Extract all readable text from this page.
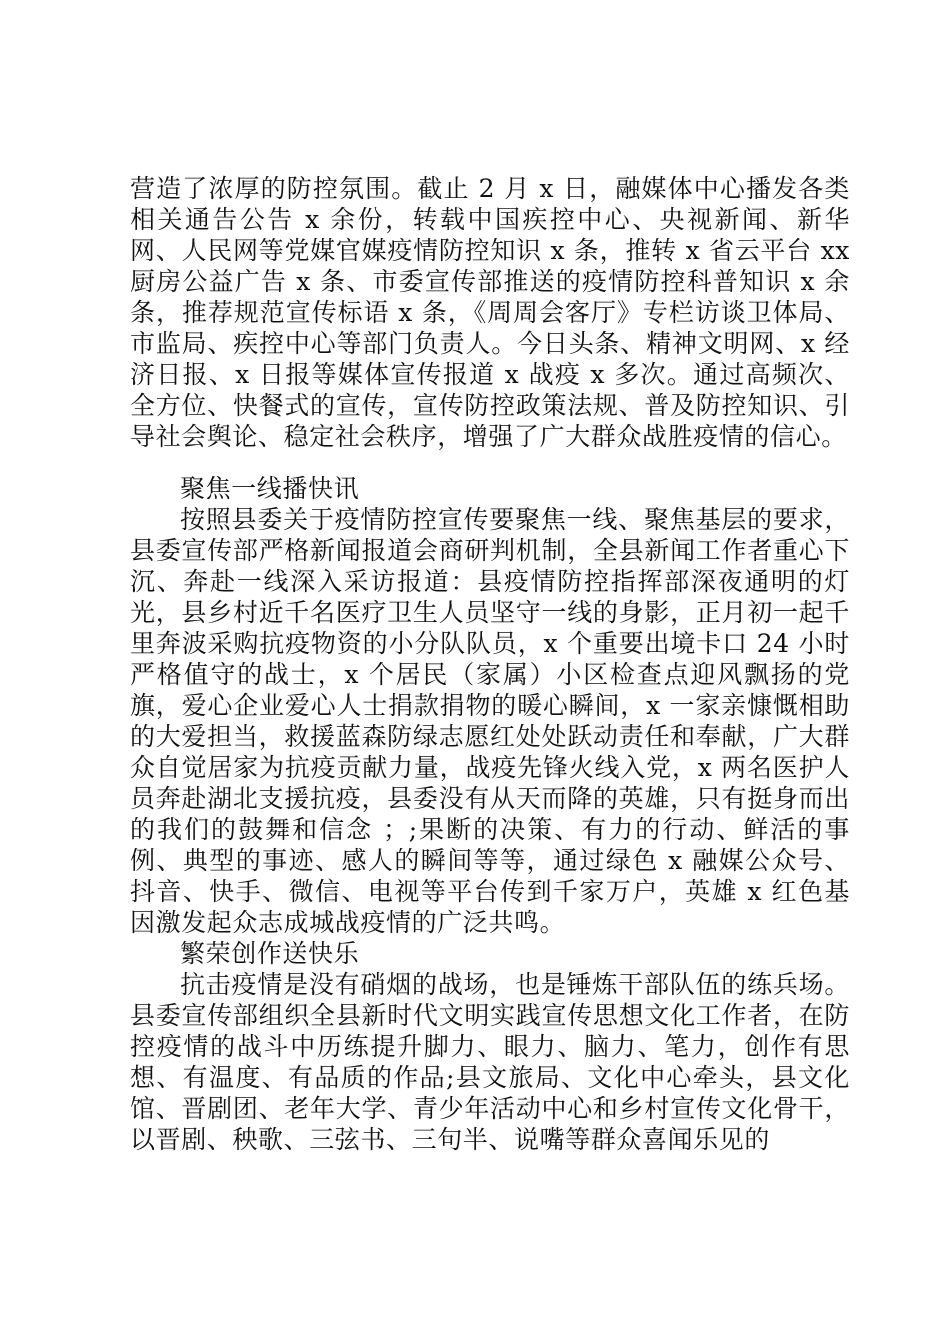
营造了浓厚的防控氛围。截止 2 月 x 日，融媒体中心播发各类相关通告公告 x 余份，转载中国疾控中心、央视新闻、新华网、人民网等党媒官媒疫情防控知识 x 条，推转 x 省云平台 xx 厨房公益广告 x 条、市委宣传部推送的疫情防控科普知识 x 余条，推荐规范宣传标语 x 条，《周周会客厅》专栏访谈卫体局、市监局、疾控中心等部门负责人。今日头条、精神文明网、x 经济日报、x 日报等媒体宣传报道 x 战疫 x 多次。通过高频次、全方位、快餐式的宣传，宣传防控政策法规、普及防控知识、引导社会舆论、稳定社会秩序，增强了广大群众战胜疫情的信心。

聚焦一线播快讯

按照县委关于疫情防控宣传要聚焦一线、聚焦基层的要求，县委宣传部严格新闻报道会商研判机制，全县新闻工作者重心下沉、奔赴一线深入采访报道：县疫情防控指挥部深夜通明的灯光，县乡村近千名医疗卫生人员坚守一线的身影，正月初一起千里奔波采购抗疫物资的小分队队员，x 个重要出境卡口 24 小时严格值守的战士，x 个居民（家属）小区检查点迎风飘扬的党旗，爱心企业爱心人士捐款捐物的暖心瞬间，x 一家亲慷慨相助的大爱担当，救援蓝森防绿志愿红处处跃动责任和奉献，广大群众自觉居家为抗疫贡献力量，战疫先锋火线入党，x 两名医护人员奔赴湖北支援抗疫，县委没有从天而降的英雄，只有挺身而出的我们的鼓舞和信念 ；;果断的决策、有力的行动、鲜活的事例、典型的事迹、感人的瞬间等等，通过绿色 x 融媒公众号、抖音、快手、微信、电视等平台传到千家万户，英雄 x 红色基因激发起众志成城战疫情的广泛共鸣。

繁荣创作送快乐

抗击疫情是没有硝烟的战场，也是锤炼干部队伍的练兵场。县委宣传部组织全县新时代文明实践宣传思想文化工作者，在防控疫情的战斗中历练提升脚力、眼力、脑力、笔力，创作有思想、有温度、有品质的作品;县文旅局、文化中心牵头，县文化馆、晋剧团、老年大学、青少年活动中心和乡村宣传文化骨干，以晋剧、秧歌、三弦书、三句半、说嘴等群众喜闻乐见的
